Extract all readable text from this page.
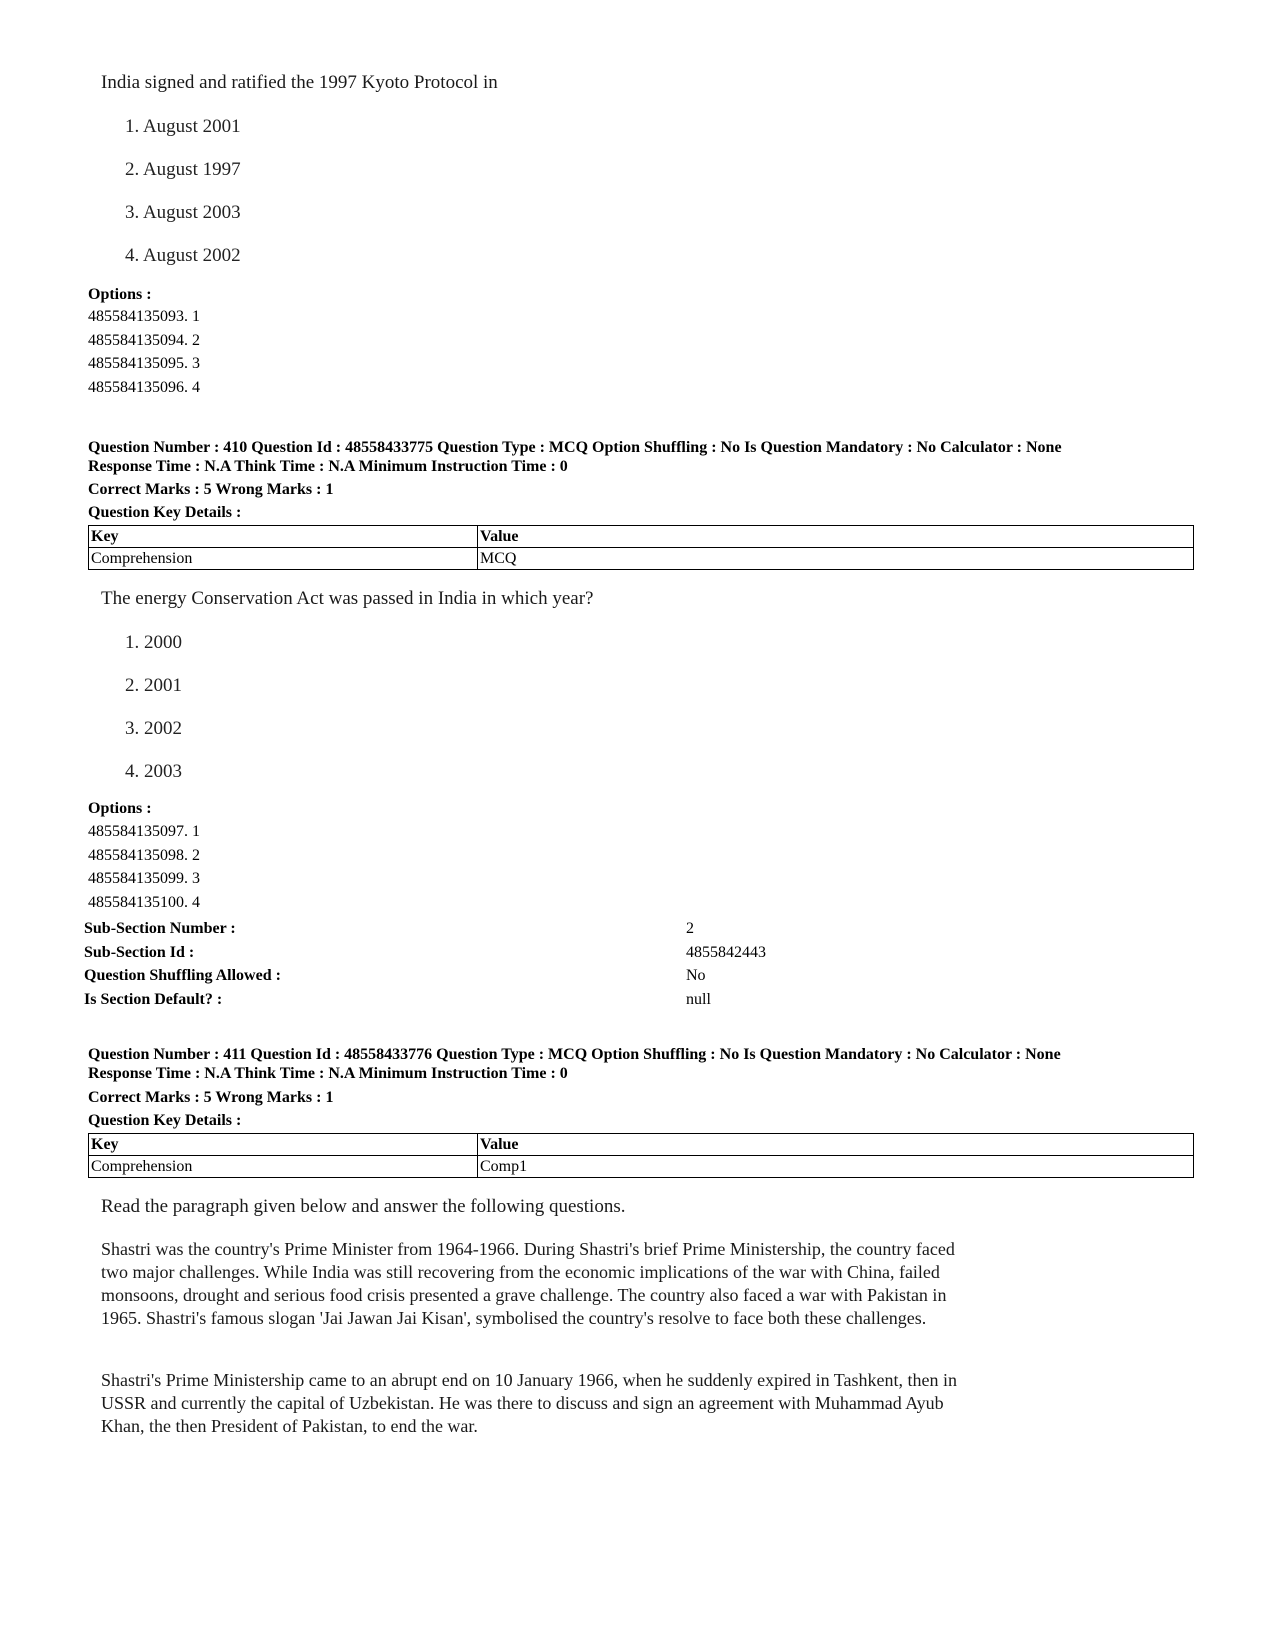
India signed and ratified the 1997 Kyoto Protocol in
1. August 2001
2. August 1997
3. August 2003
4. August 2002
Options :
485584135093. 1
485584135094. 2
485584135095. 3
485584135096. 4
Question Number : 410 Question Id : 48558433775 Question Type : MCQ Option Shuffling : No Is Question Mandatory : No Calculator : None
Response Time : N.A Think Time : N.A Minimum Instruction Time : 0
Correct Marks : 5 Wrong Marks : 1
Question Key Details :
Key	Value
Comprehension	MCQ
The energy Conservation Act was passed in India in which year?
1. 2000
2. 2001
3. 2002
4. 2003
Options :
485584135097. 1
485584135098. 2
485584135099. 3
485584135100. 4
Sub-Section Number :	2
Sub-Section Id :	4855842443
Question Shuffling Allowed :	No
Is Section Default? :	null
Question Number : 411 Question Id : 48558433776 Question Type : MCQ Option Shuffling : No Is Question Mandatory : No Calculator : None
Response Time : N.A Think Time : N.A Minimum Instruction Time : 0
Correct Marks : 5 Wrong Marks : 1
Question Key Details :
Key	Value
Comprehension	Comp1
Read the paragraph given below and answer the following questions.
Shastri was the country's Prime Minister from 1964-1966. During Shastri's brief Prime Ministership, the country faced two major challenges. While India was still recovering from the economic implications of the war with China, failed monsoons, drought and serious food crisis presented a grave challenge. The country also faced a war with Pakistan in 1965. Shastri's famous slogan 'Jai Jawan Jai Kisan', symbolised the country's resolve to face both these challenges.
Shastri's Prime Ministership came to an abrupt end on 10 January 1966, when he suddenly expired in Tashkent, then in USSR and currently the capital of Uzbekistan. He was there to discuss and sign an agreement with Muhammad Ayub Khan, the then President of Pakistan, to end the war.
